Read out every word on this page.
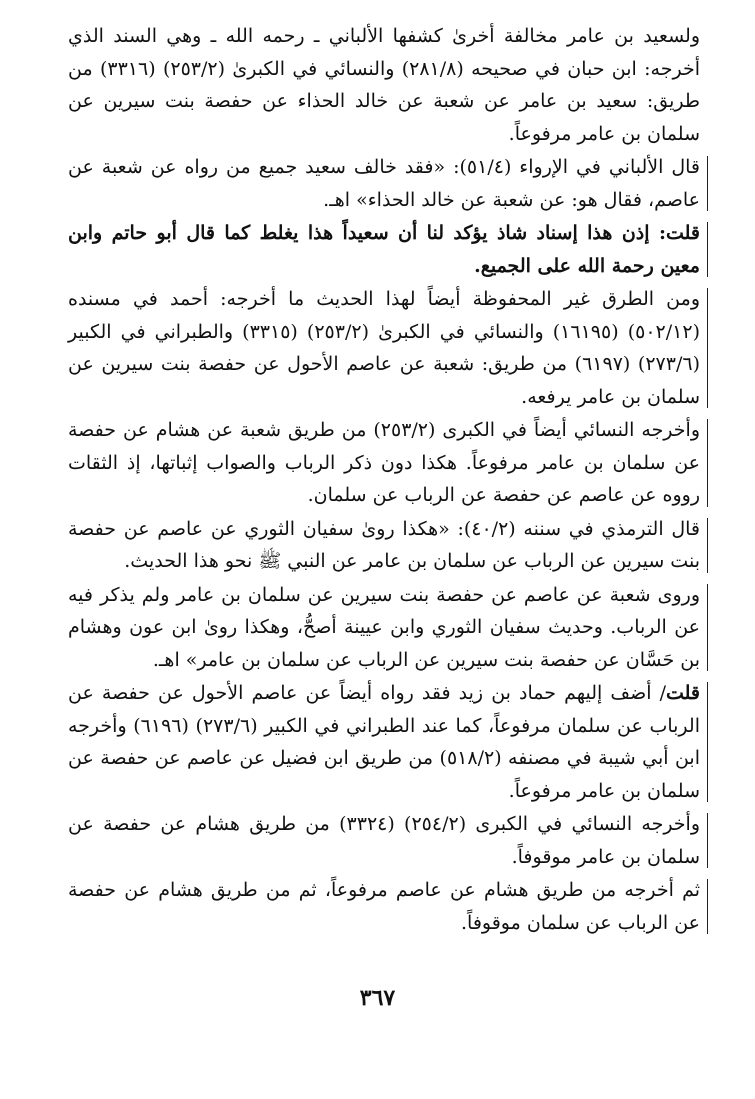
ولسعيد بن عامر مخالفة أخرىٰ كشفها الألباني ـ رحمه الله ـ وهي السند الذي أخرجه: ابن حبان في صحيحه (٢٨١/٨) والنسائي في الكبرىٰ (٢٥٣/٢) (٣٣١٦) من طريق: سعيد بن عامر عن شعبة عن خالد الحذاء عن حفصة بنت سيرين عن سلمان بن عامر مرفوعاً.

قال الألباني في الإرواء (٥١/٤): «فقد خالف سعيد جميع من رواه عن شعبة عن عاصم، فقال هو: عن شعبة عن خالد الحذاء» اهـ.

قلت: إذن هذا إسناد شاذ يؤكد لنا أن سعيداً هذا يغلط كما قال أبو حاتم وابن معين رحمة الله على الجميع.

ومن الطرق غير المحفوظة أيضاً لهذا الحديث ما أخرجه: أحمد في مسنده (٥٠٢/١٢) (١٦١٩٥) والنسائي في الكبرىٰ (٢٥٣/٢) (٣٣١٥) والطبراني في الكبير (٢٧٣/٦) (٦١٩٧) من طريق: شعبة عن عاصم الأحول عن حفصة بنت سيرين عن سلمان بن عامر يرفعه.

وأخرجه النسائي أيضاً في الكبرى (٢٥٣/٢) من طريق شعبة عن هشام عن حفصة عن سلمان بن عامر مرفوعاً. هكذا دون ذكر الرباب والصواب إثباتها، إذ الثقات رووه عن عاصم عن حفصة عن الرباب عن سلمان.

قال الترمذي في سننه (٤٠/٢): «هكذا روىٰ سفيان الثوري عن عاصم عن حفصة بنت سيرين عن الرباب عن سلمان بن عامر عن النبي ﷺ نحو هذا الحديث.

وروى شعبة عن عاصم عن حفصة بنت سيرين عن سلمان بن عامر ولم يذكر فيه عن الرباب. وحديث سفيان الثوري وابن عيينة أصحُّ، وهكذا روىٰ ابن عون وهشام بن حَسَّان عن حفصة بنت سيرين عن الرباب عن سلمان بن عامر» اهـ.

قلت/ أضف إليهم حماد بن زيد فقد رواه أيضاً عن عاصم الأحول عن حفصة عن الرباب عن سلمان مرفوعاً، كما عند الطبراني في الكبير (٢٧٣/٦) (٦١٩٦) وأخرجه ابن أبي شيبة في مصنفه (٥١٨/٢) من طريق ابن فضيل عن عاصم عن حفصة عن سلمان بن عامر مرفوعاً.

وأخرجه النسائي في الكبرى (٢٥٤/٢) (٣٣٢٤) من طريق هشام عن حفصة عن سلمان بن عامر موقوفاً.

ثم أخرجه من طريق هشام عن عاصم مرفوعاً، ثم من طريق هشام عن حفصة عن الرباب عن سلمان موقوفاً.

٣٦٧
